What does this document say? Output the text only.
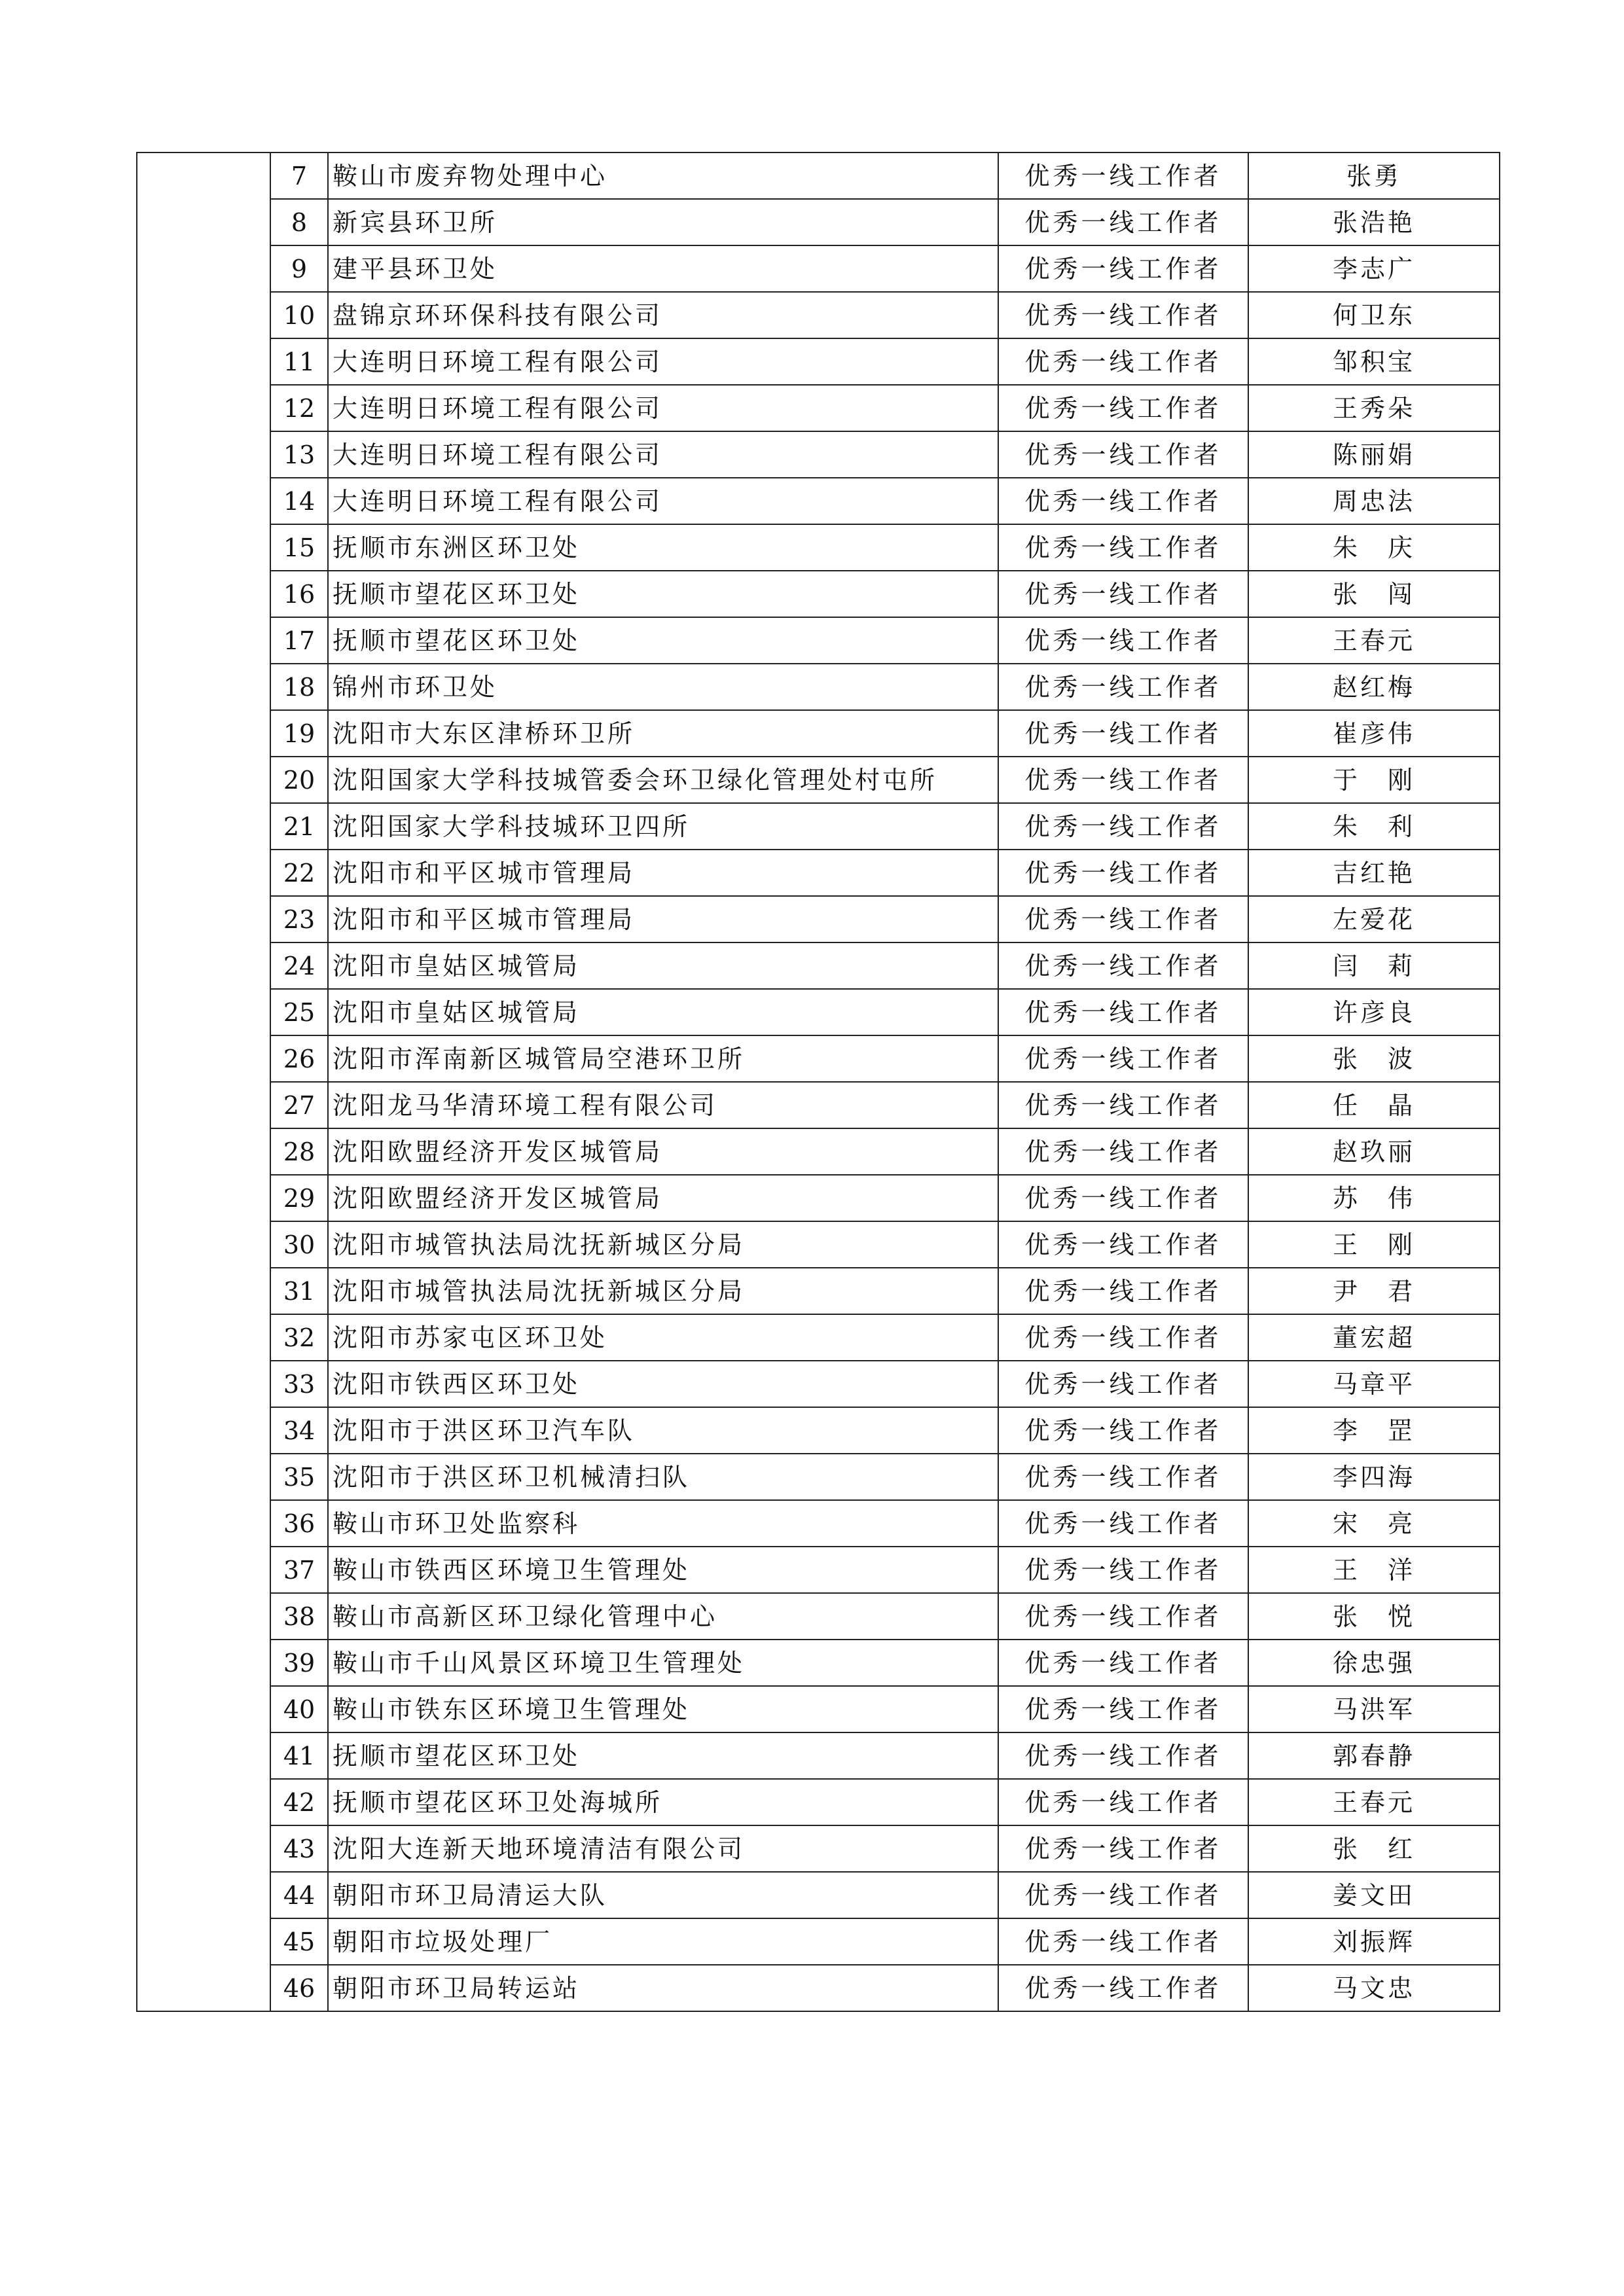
	7	鞍山市废弃物处理中心	优秀一线工作者	张勇
	8	新宾县环卫所	优秀一线工作者	张浩艳
	9	建平县环卫处	优秀一线工作者	李志广
	10	盘锦京环环保科技有限公司	优秀一线工作者	何卫东
	11	大连明日环境工程有限公司	优秀一线工作者	邹积宝
	12	大连明日环境工程有限公司	优秀一线工作者	王秀朵
	13	大连明日环境工程有限公司	优秀一线工作者	陈丽娟
	14	大连明日环境工程有限公司	优秀一线工作者	周忠法
	15	抚顺市东洲区环卫处	优秀一线工作者	朱　庆
	16	抚顺市望花区环卫处	优秀一线工作者	张　闯
	17	抚顺市望花区环卫处	优秀一线工作者	王春元
	18	锦州市环卫处	优秀一线工作者	赵红梅
	19	沈阳市大东区津桥环卫所	优秀一线工作者	崔彦伟
	20	沈阳国家大学科技城管委会环卫绿化管理处村屯所	优秀一线工作者	于　刚
	21	沈阳国家大学科技城环卫四所	优秀一线工作者	朱　利
	22	沈阳市和平区城市管理局	优秀一线工作者	吉红艳
	23	沈阳市和平区城市管理局	优秀一线工作者	左爱花
	24	沈阳市皇姑区城管局	优秀一线工作者	闫　莉
	25	沈阳市皇姑区城管局	优秀一线工作者	许彦良
	26	沈阳市浑南新区城管局空港环卫所	优秀一线工作者	张　波
	27	沈阳龙马华清环境工程有限公司	优秀一线工作者	任　晶
	28	沈阳欧盟经济开发区城管局	优秀一线工作者	赵玖丽
	29	沈阳欧盟经济开发区城管局	优秀一线工作者	苏　伟
	30	沈阳市城管执法局沈抚新城区分局	优秀一线工作者	王　刚
	31	沈阳市城管执法局沈抚新城区分局	优秀一线工作者	尹　君
	32	沈阳市苏家屯区环卫处	优秀一线工作者	董宏超
	33	沈阳市铁西区环卫处	优秀一线工作者	马章平
	34	沈阳市于洪区环卫汽车队	优秀一线工作者	李　罡
	35	沈阳市于洪区环卫机械清扫队	优秀一线工作者	李四海
	36	鞍山市环卫处监察科	优秀一线工作者	宋　亮
	37	鞍山市铁西区环境卫生管理处	优秀一线工作者	王　洋
	38	鞍山市高新区环卫绿化管理中心	优秀一线工作者	张　悦
	39	鞍山市千山风景区环境卫生管理处	优秀一线工作者	徐忠强
	40	鞍山市铁东区环境卫生管理处	优秀一线工作者	马洪军
	41	抚顺市望花区环卫处	优秀一线工作者	郭春静
	42	抚顺市望花区环卫处海城所	优秀一线工作者	王春元
	43	沈阳大连新天地环境清洁有限公司	优秀一线工作者	张　红
	44	朝阳市环卫局清运大队	优秀一线工作者	姜文田
	45	朝阳市垃圾处理厂	优秀一线工作者	刘振辉
	46	朝阳市环卫局转运站	优秀一线工作者	马文忠
